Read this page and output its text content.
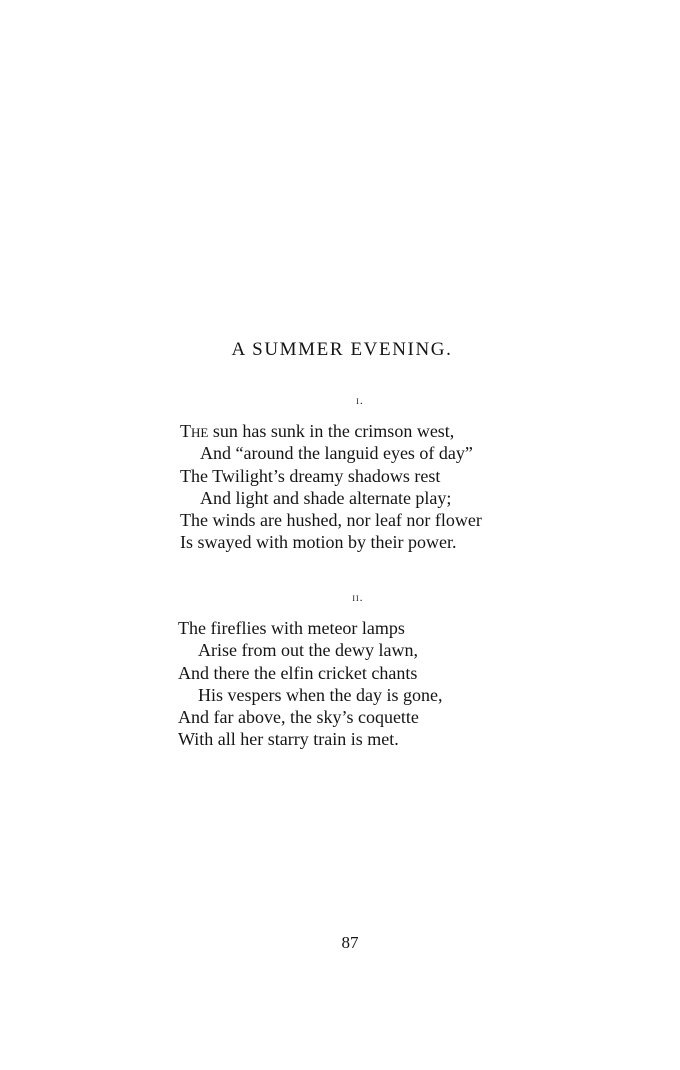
A SUMMER EVENING.
i.
The sun has sunk in the crimson west,
And “around the languid eyes of day”
The Twilight’s dreamy shadows rest
And light and shade alternate play;
The winds are hushed, nor leaf nor flower
Is swayed with motion by their power.
ii.
The fireflies with meteor lamps
Arise from out the dewy lawn,
And there the elfin cricket chants
His vespers when the day is gone,
And far above, the sky’s coquette
With all her starry train is met.
87
